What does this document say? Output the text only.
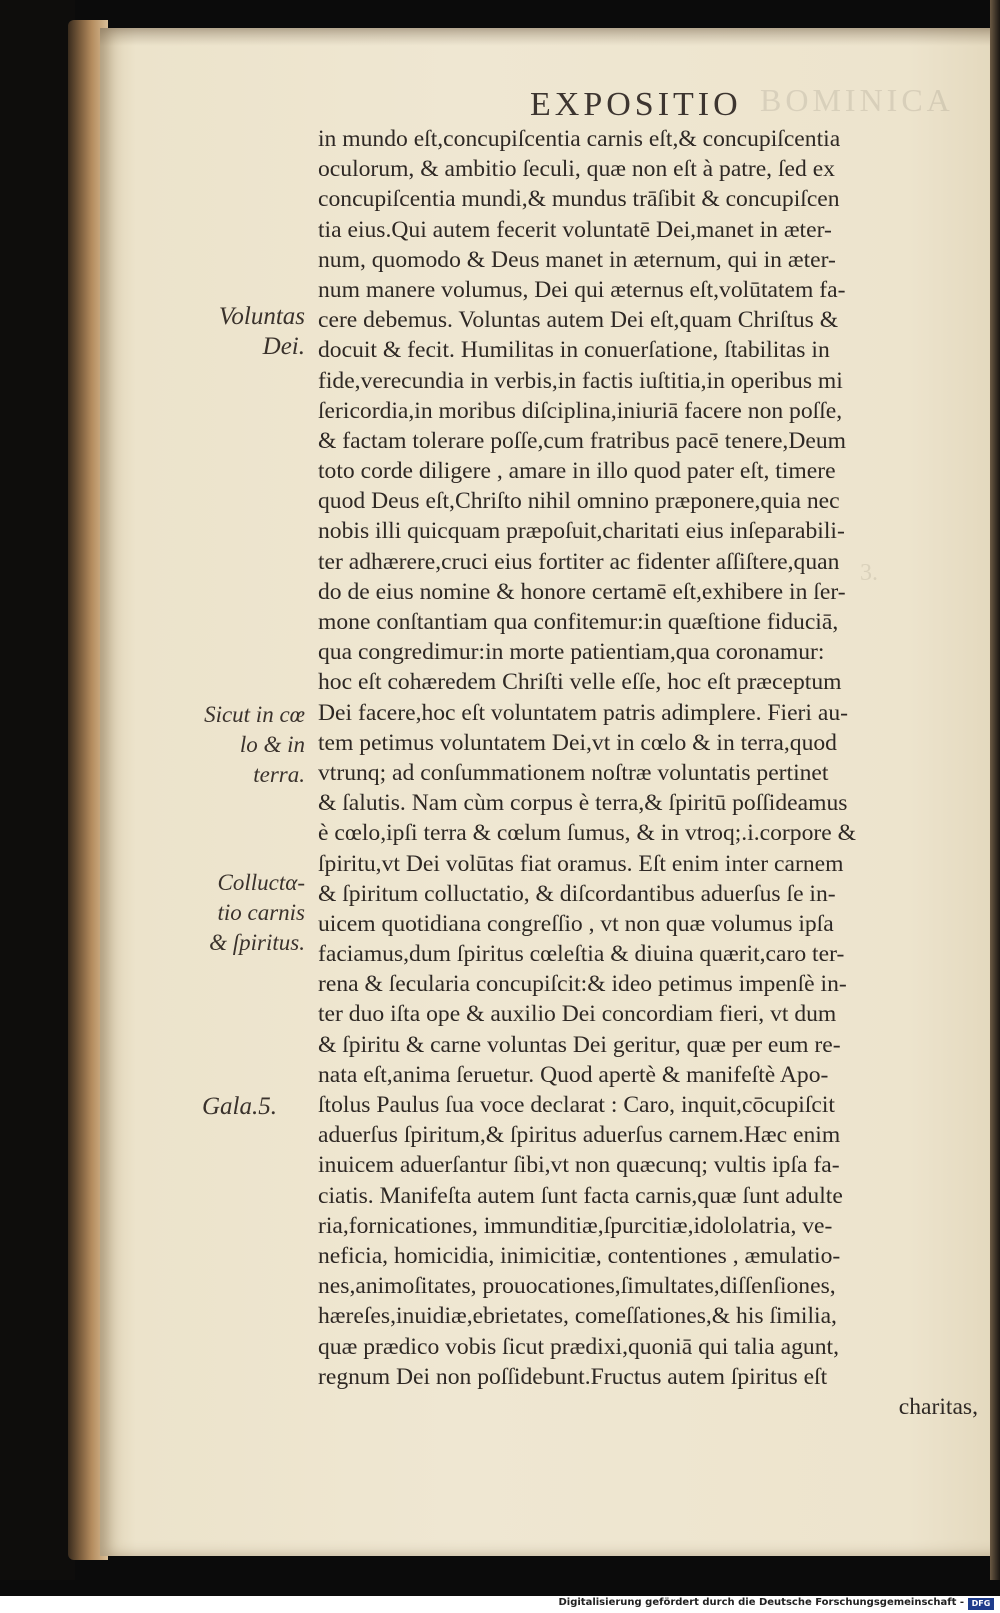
EXPOSITIO
Voluntas
Dei.
Sicut in cœ
lo & in
terra.
Colluctα-
tio carnis
& ſpiritus.
Gala.5.
in mundo eſt,concupiſcentia carnis eſt,& concupiſcentia
oculorum, & ambitio ſeculi, quæ non eſt à patre, ſed ex
concupiſcentia mundi,& mundus trāſibit & concupiſcen
tia eius.Qui autem fecerit voluntatē Dei,manet in æter-
num, quomodo & Deus manet in æternum, qui in æter-
num manere volumus, Dei qui æternus eſt,volūtatem fa-
cere debemus. Voluntas autem Dei eſt,quam Chriſtus &
docuit & fecit. Humilitas in conuerſatione, ſtabilitas in
fide,verecundia in verbis,in factis iuſtitia,in operibus mi
ſericordia,in moribus diſciplina,iniuriā facere non poſſe,
& factam tolerare poſſe,cum fratribus pacē tenere,Deum
toto corde diligere , amare in illo quod pater eſt, timere
quod Deus eſt,Chriſto nihil omnino præponere,quia nec
nobis illi quicquam præpoſuit,charitati eius inſeparabili-
ter adhærere,cruci eius fortiter ac fidenter aſſiſtere,quan
do de eius nomine & honore certamē eſt,exhibere in ſer-
mone conſtantiam qua confitemur:in quæſtione fiduciā,
qua congredimur:in morte patientiam,qua coronamur:
hoc eſt cohæredem Chriſti velle eſſe, hoc eſt præceptum
Dei facere,hoc eſt voluntatem patris adimplere. Fieri au-
tem petimus voluntatem Dei,vt in cœlo & in terra,quod
vtrunq; ad conſummationem noſtræ voluntatis pertinet
& ſalutis. Nam cùm corpus è terra,& ſpiritū poſſideamus
è cœlo,ipſi terra & cœlum ſumus, & in vtroq;.i.corpore &
ſpiritu,vt Dei volūtas fiat oramus. Eſt enim inter carnem
& ſpiritum colluctatio, & diſcordantibus aduerſus ſe in-
uicem quotidiana congreſſio , vt non quæ volumus ipſa
faciamus,dum ſpiritus cœleſtia & diuina quærit,caro ter-
rena & ſecularia concupiſcit:& ideo petimus impenſè in-
ter duo iſta ope & auxilio Dei concordiam fieri, vt dum
& ſpiritu & carne voluntas Dei geritur, quæ per eum re-
nata eſt,anima ſeruetur. Quod apertè & manifeſtè Apo-
ſtolus Paulus ſua voce declarat : Caro, inquit,cōcupiſcit
aduerſus ſpiritum,& ſpiritus aduerſus carnem.Hæc enim
inuicem aduerſantur ſibi,vt non quæcunq; vultis ipſa fa-
ciatis. Manifeſta autem ſunt facta carnis,quæ ſunt adulte
ria,fornicationes, immunditiæ,ſpurcitiæ,idololatria, ve-
neficia, homicidia, inimicitiæ, contentiones , æmulatio-
nes,animoſitates, prouocationes,ſimultates,diſſenſiones,
hæreſes,inuidiæ,ebrietates, comeſſationes,& his ſimilia,
quæ prædico vobis ſicut prædixi,quoniā qui talia agunt,
regnum Dei non poſſidebunt.Fructus autem ſpiritus eſt
charitas,
BOMINICA
3.
Digitalisierung gefördert durch die Deutsche Forschungsgemeinschaft - DFG
